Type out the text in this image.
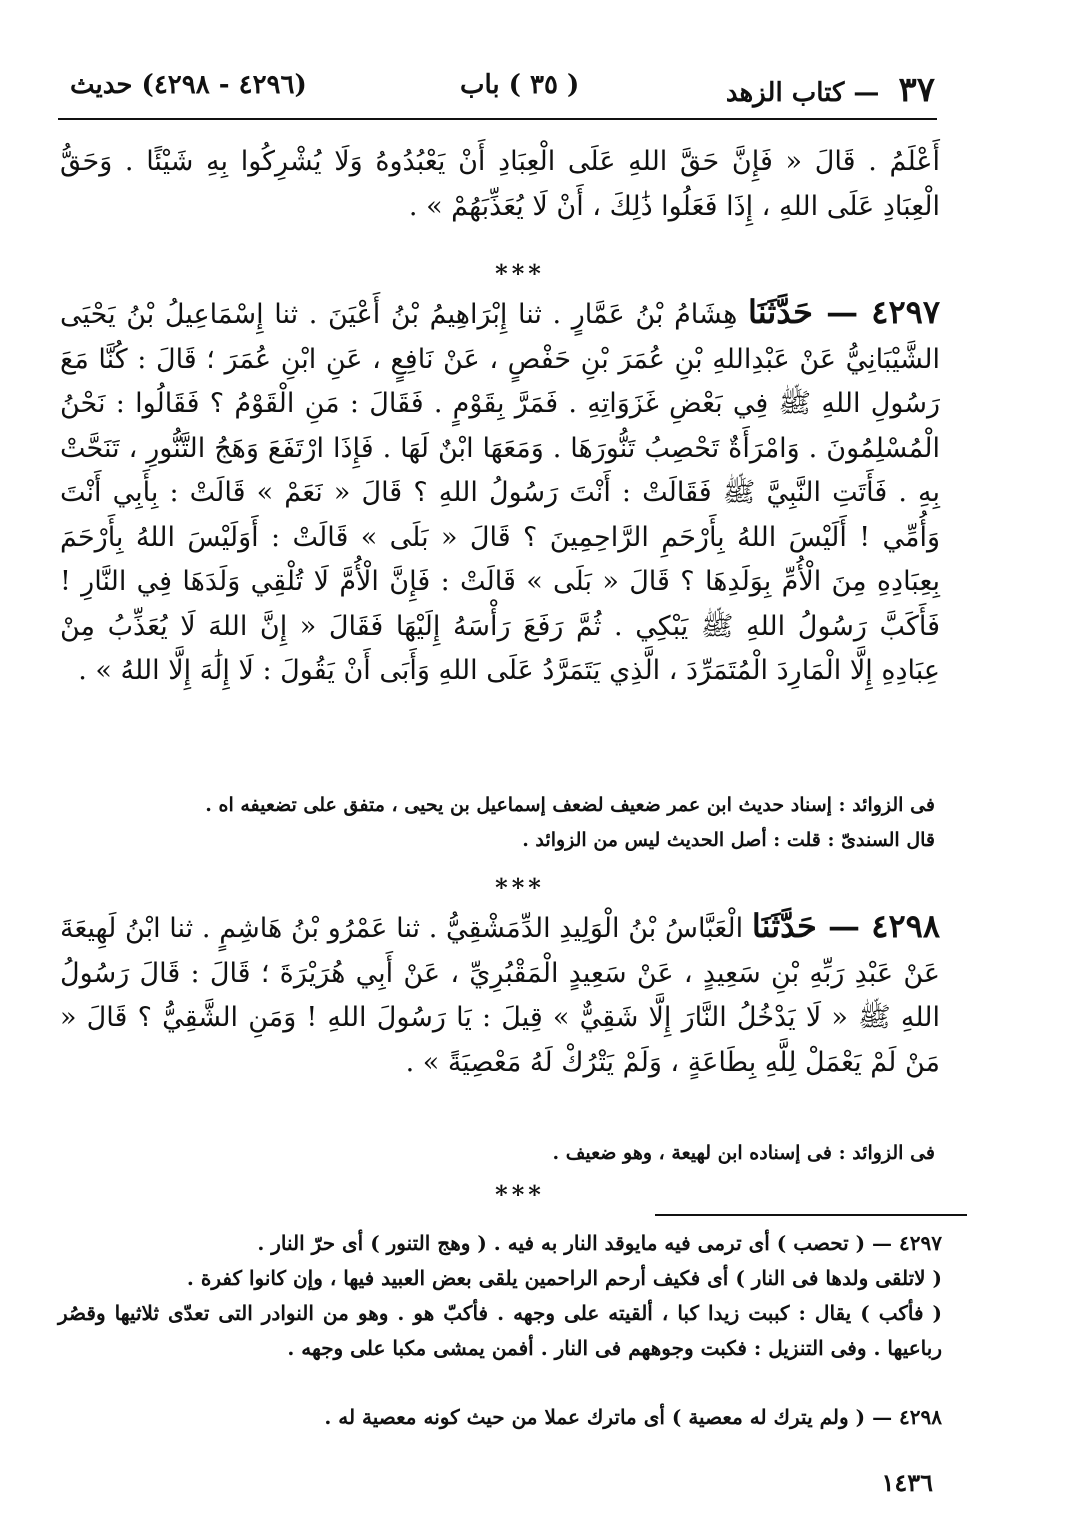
٣٧ — كتاب الزهد
( ٣٥ ) باب
(٤٢٩٦ - ٤٢٩٨) حديث
أَعْلَمُ . قَالَ « فَإِنَّ حَقَّ اللهِ عَلَى الْعِبَادِ أَنْ يَعْبُدُوهُ وَلَا يُشْرِكُوا بِهِ شَيْئًا . وَحَقُّ الْعِبَادِ عَلَى اللهِ ، إِذَا فَعَلُوا ذَٰلِكَ ، أَنْ لَا يُعَذِّبَهُمْ » .
***
٤٢٩٧ — حَدَّثَنَا هِشَامُ بْنُ عَمَّارٍ . ثنا إِبْرَاهِيمُ بْنُ أَعْيَنَ . ثنا إِسْمَاعِيلُ بْنُ يَحْيَى الشَّيْبَانِيُّ عَنْ عَبْدِاللهِ بْنِ عُمَرَ بْنِ حَفْصٍ ، عَنْ نَافِعٍ ، عَنِ ابْنِ عُمَرَ ؛ قَالَ : كُنَّا مَعَ رَسُولِ اللهِ ﷺ فِي بَعْضِ غَزَوَاتِهِ . فَمَرَّ بِقَوْمٍ . فَقَالَ : مَنِ الْقَوْمُ ؟ فَقَالُوا : نَحْنُ الْمُسْلِمُونَ . وَامْرَأَةٌ تَحْصِبُ تَنُّورَهَا . وَمَعَهَا ابْنٌ لَهَا . فَإِذَا ارْتَفَعَ وَهَجُ التَّنُّورِ ، تَنَحَّتْ بِهِ . فَأَتَتِ النَّبِيَّ ﷺ فَقَالَتْ : أَنْتَ رَسُولُ اللهِ ؟ قَالَ « نَعَمْ » قَالَتْ : بِأَبِي أَنْتَ وَأُمِّي ! أَلَيْسَ اللهُ بِأَرْحَمِ الرَّاحِمِينَ ؟ قَالَ « بَلَى » قَالَتْ : أَوَلَيْسَ اللهُ بِأَرْحَمَ بِعِبَادِهِ مِنَ الْأُمِّ بِوَلَدِهَا ؟ قَالَ « بَلَى » قَالَتْ : فَإِنَّ الْأُمَّ لَا تُلْقِي وَلَدَهَا فِي النَّارِ ! فَأَكَبَّ رَسُولُ اللهِ ﷺ يَبْكِي . ثُمَّ رَفَعَ رَأْسَهُ إِلَيْهَا فَقَالَ « إِنَّ اللهَ لَا يُعَذِّبُ مِنْ عِبَادِهِ إِلَّا الْمَارِدَ الْمُتَمَرِّدَ ، الَّذِي يَتَمَرَّدُ عَلَى اللهِ وَأَبَى أَنْ يَقُولَ : لَا إِلَٰهَ إِلَّا اللهُ » .
فى الزوائد : إسناد حديث ابن عمر ضعيف لضعف إسماعيل بن يحيى ، متفق على تضعيفه اه .
قال السندىّ : قلت : أصل الحديث ليس من الزوائد .
***
٤٢٩٨ — حَدَّثَنَا الْعَبَّاسُ بْنُ الْوَلِيدِ الدِّمَشْقِيُّ . ثنا عَمْرُو بْنُ هَاشِمٍ . ثنا ابْنُ لَهِيعَةَ عَنْ عَبْدِ رَبِّهِ بْنِ سَعِيدٍ ، عَنْ سَعِيدٍ الْمَقْبُرِيِّ ، عَنْ أَبِي هُرَيْرَةَ ؛ قَالَ : قَالَ رَسُولُ اللهِ ﷺ « لَا يَدْخُلُ النَّارَ إِلَّا شَقِيٌّ » قِيلَ : يَا رَسُولَ اللهِ ! وَمَنِ الشَّقِيُّ ؟ قَالَ « مَنْ لَمْ يَعْمَلْ لِلَّهِ بِطَاعَةٍ ، وَلَمْ يَتْرُكْ لَهُ مَعْصِيَةً » .
فى الزوائد : فى إسناده ابن لهيعة ، وهو ضعيف .
***
٤٢٩٧ — ( تحصب ) أى ترمى فيه مايوقد النار به فيه . ( وهج التنور ) أى حرّ النار .
( لاتلقى ولدها فى النار ) أى فكيف أرحم الراحمين يلقى بعض العبيد فيها ، وإن كانوا كفرة .
( فأكب ) يقال : كببت زيدا كبا ، ألقيته على وجهه . فأكبّ هو . وهو من النوادر التى تعدّى ثلاثيها وقصُر رباعيها . وفى التنزيل : فكبت وجوههم فى النار . أفمن يمشى مكبا على وجهه .
٤٢٩٨ — ( ولم يترك له معصية ) أى ماترك عملا من حيث كونه معصية له .
١٤٣٦
